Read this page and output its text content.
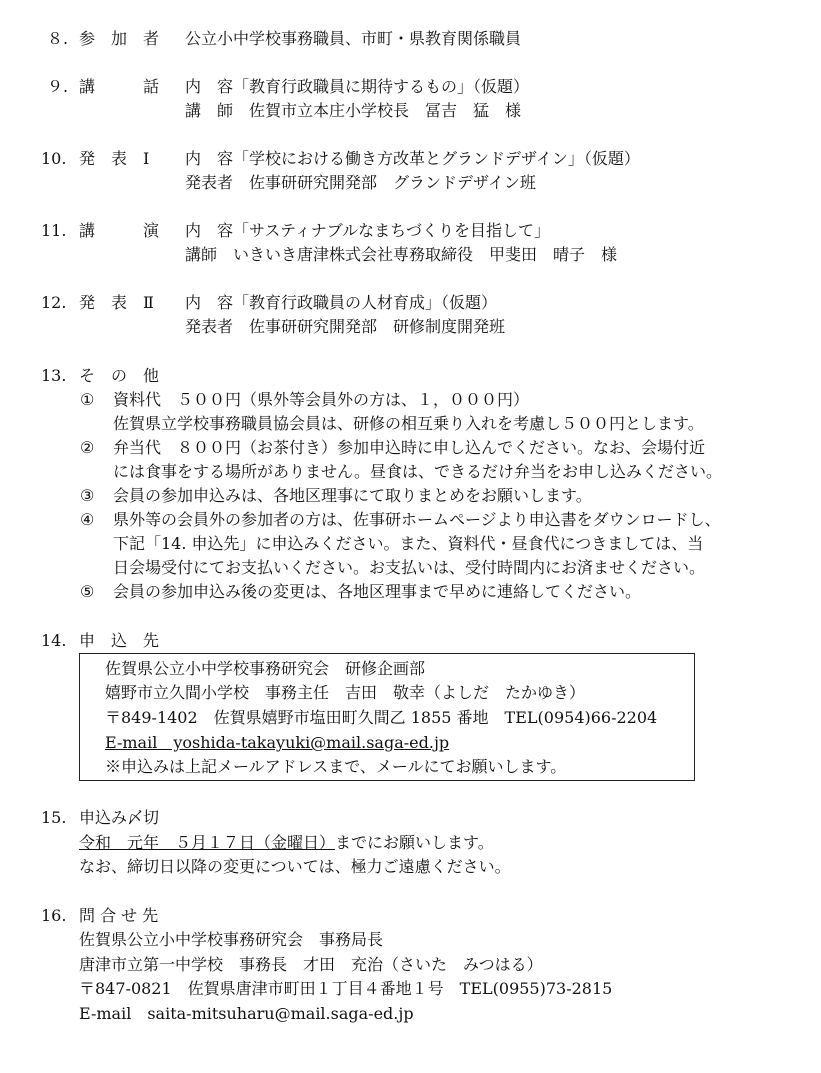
８. 参　加　者 公立小中学校事務職員、市町・県教育関係職員
９. 講　　　話 内　容「教育行政職員に期待するもの」（仮題）
講　師　佐賀市立本庄小学校長　冨吉　猛　様
10. 発　表　Ⅰ 内　容「学校における働き方改革とグランドデザイン」（仮題）
発表者　佐事研研究開発部　グランドデザイン班
11. 講　　　演 内　容「サスティナブルなまちづくりを目指して」
講師　いきいき唐津株式会社専務取締役　甲斐田　晴子　様
12. 発　表　Ⅱ 内　容「教育行政職員の人材育成」（仮題）
発表者　佐事研研究開発部　研修制度開発班
13. そ　の　他
① 資料代　５００円（県外等会員外の方は、１，０００円）
佐賀県立学校事務職員協会員は、研修の相互乗り入れを考慮し５００円とします。
② 弁当代　８００円（お茶付き）参加申込時に申し込んでください。なお、会場付近
には食事をする場所がありません。昼食は、できるだけ弁当をお申し込みください。
③ 会員の参加申込みは、各地区理事にて取りまとめをお願いします。
④ 県外等の会員外の参加者の方は、佐事研ホームページより申込書をダウンロードし、
下記「14. 申込先」に申込みください。また、資料代・昼食代につきましては、当
日会場受付にてお支払いください。お支払いは、受付時間内にお済ませください。
⑤ 会員の参加申込み後の変更は、各地区理事まで早めに連絡してください。
14. 申　込　先
佐賀県公立小中学校事務研究会　研修企画部
嬉野市立久間小学校　事務主任　吉田　敬幸（よしだ　たかゆき）
〒849-1402　佐賀県嬉野市塩田町久間乙 1855 番地　TEL(0954)66-2204
E-mail　yoshida-takayuki@mail.saga-ed.jp
※申込みは上記メールアドレスまで、メールにてお願いします。
15. 申込み〆切
令和　元年　５月１７日（金曜日）までにお願いします。
なお、締切日以降の変更については、極力ご遠慮ください。
16. 問 合 せ 先
佐賀県公立小中学校事務研究会　事務局長
唐津市立第一中学校　事務長　才田　充治（さいた　みつはる）
〒847-0821　佐賀県唐津市町田１丁目４番地１号　TEL(0955)73-2815
E-mail　saita-mitsuharu@mail.saga-ed.jp
